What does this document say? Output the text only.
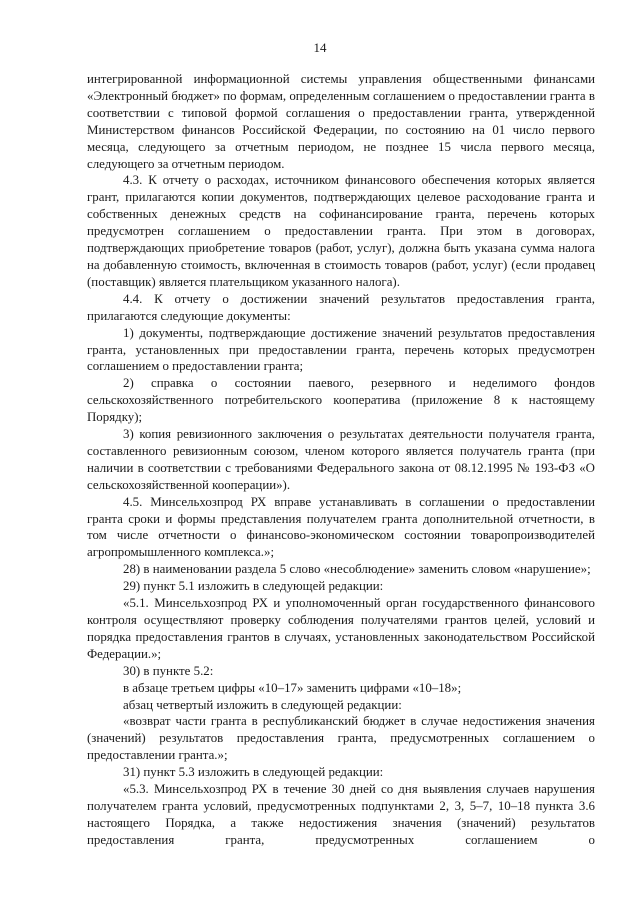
14

интегрированной информационной системы управления общественными финансами «Электронный бюджет» по формам, определенным соглашением о предоставлении гранта в соответствии с типовой формой соглашения о предоставлении гранта, утвержденной Министерством финансов Российской Федерации, по состоянию на 01 число первого месяца, следующего за отчетным периодом, не позднее 15 числа первого месяца, следующего за отчетным периодом.

4.3. К отчету о расходах, источником финансового обеспечения которых является грант, прилагаются копии документов, подтверждающих целевое расходование гранта и собственных денежных средств на софинансирование гранта, перечень которых предусмотрен соглашением о предоставлении гранта. При этом в договорах, подтверждающих приобретение товаров (работ, услуг), должна быть указана сумма налога на добавленную стоимость, включенная в стоимость товаров (работ, услуг) (если продавец (поставщик) является плательщиком указанного налога).

4.4. К отчету о достижении значений результатов предоставления гранта, прилагаются следующие документы:

1) документы, подтверждающие достижение значений результатов предоставления гранта, установленных при предоставлении гранта, перечень которых предусмотрен соглашением о предоставлении гранта;

2) справка о состоянии паевого, резервного и неделимого фондов сельскохозяйственного потребительского кооператива (приложение 8 к настоящему Порядку);

3) копия ревизионного заключения о результатах деятельности получателя гранта, составленного ревизионным союзом, членом которого является получатель гранта (при наличии в соответствии с требованиями Федерального закона от 08.12.1995 № 193-ФЗ «О сельскохозяйственной кооперации»).

4.5. Минсельхозпрод РХ вправе устанавливать в соглашении о предоставлении гранта сроки и формы представления получателем гранта дополнительной отчетности, в том числе отчетности о финансово-экономическом состоянии товаропроизводителей агропромышленного комплекса.»;

28) в наименовании раздела 5 слово «несоблюдение» заменить словом «нарушение»;

29) пункт 5.1 изложить в следующей редакции:

«5.1. Минсельхозпрод РХ и уполномоченный орган государственного финансового контроля осуществляют проверку соблюдения получателями грантов целей, условий и порядка предоставления грантов в случаях, установленных законодательством Российской Федерации.»;

30) в пункте 5.2:

в абзаце третьем цифры «10–17» заменить цифрами «10–18»;

абзац четвертый изложить в следующей редакции:

«возврат части гранта в республиканский бюджет в случае недостижения значения (значений) результатов предоставления гранта, предусмотренных соглашением о предоставлении гранта.»;

31) пункт 5.3 изложить в следующей редакции:

«5.3. Минсельхозпрод РХ в течение 30 дней со дня выявления случаев нарушения получателем гранта условий, предусмотренных подпунктами 2, 3, 5–7, 10–18 пункта 3.6 настоящего Порядка, а также недостижения значения (значений) результатов предоставления гранта, предусмотренных соглашением о
